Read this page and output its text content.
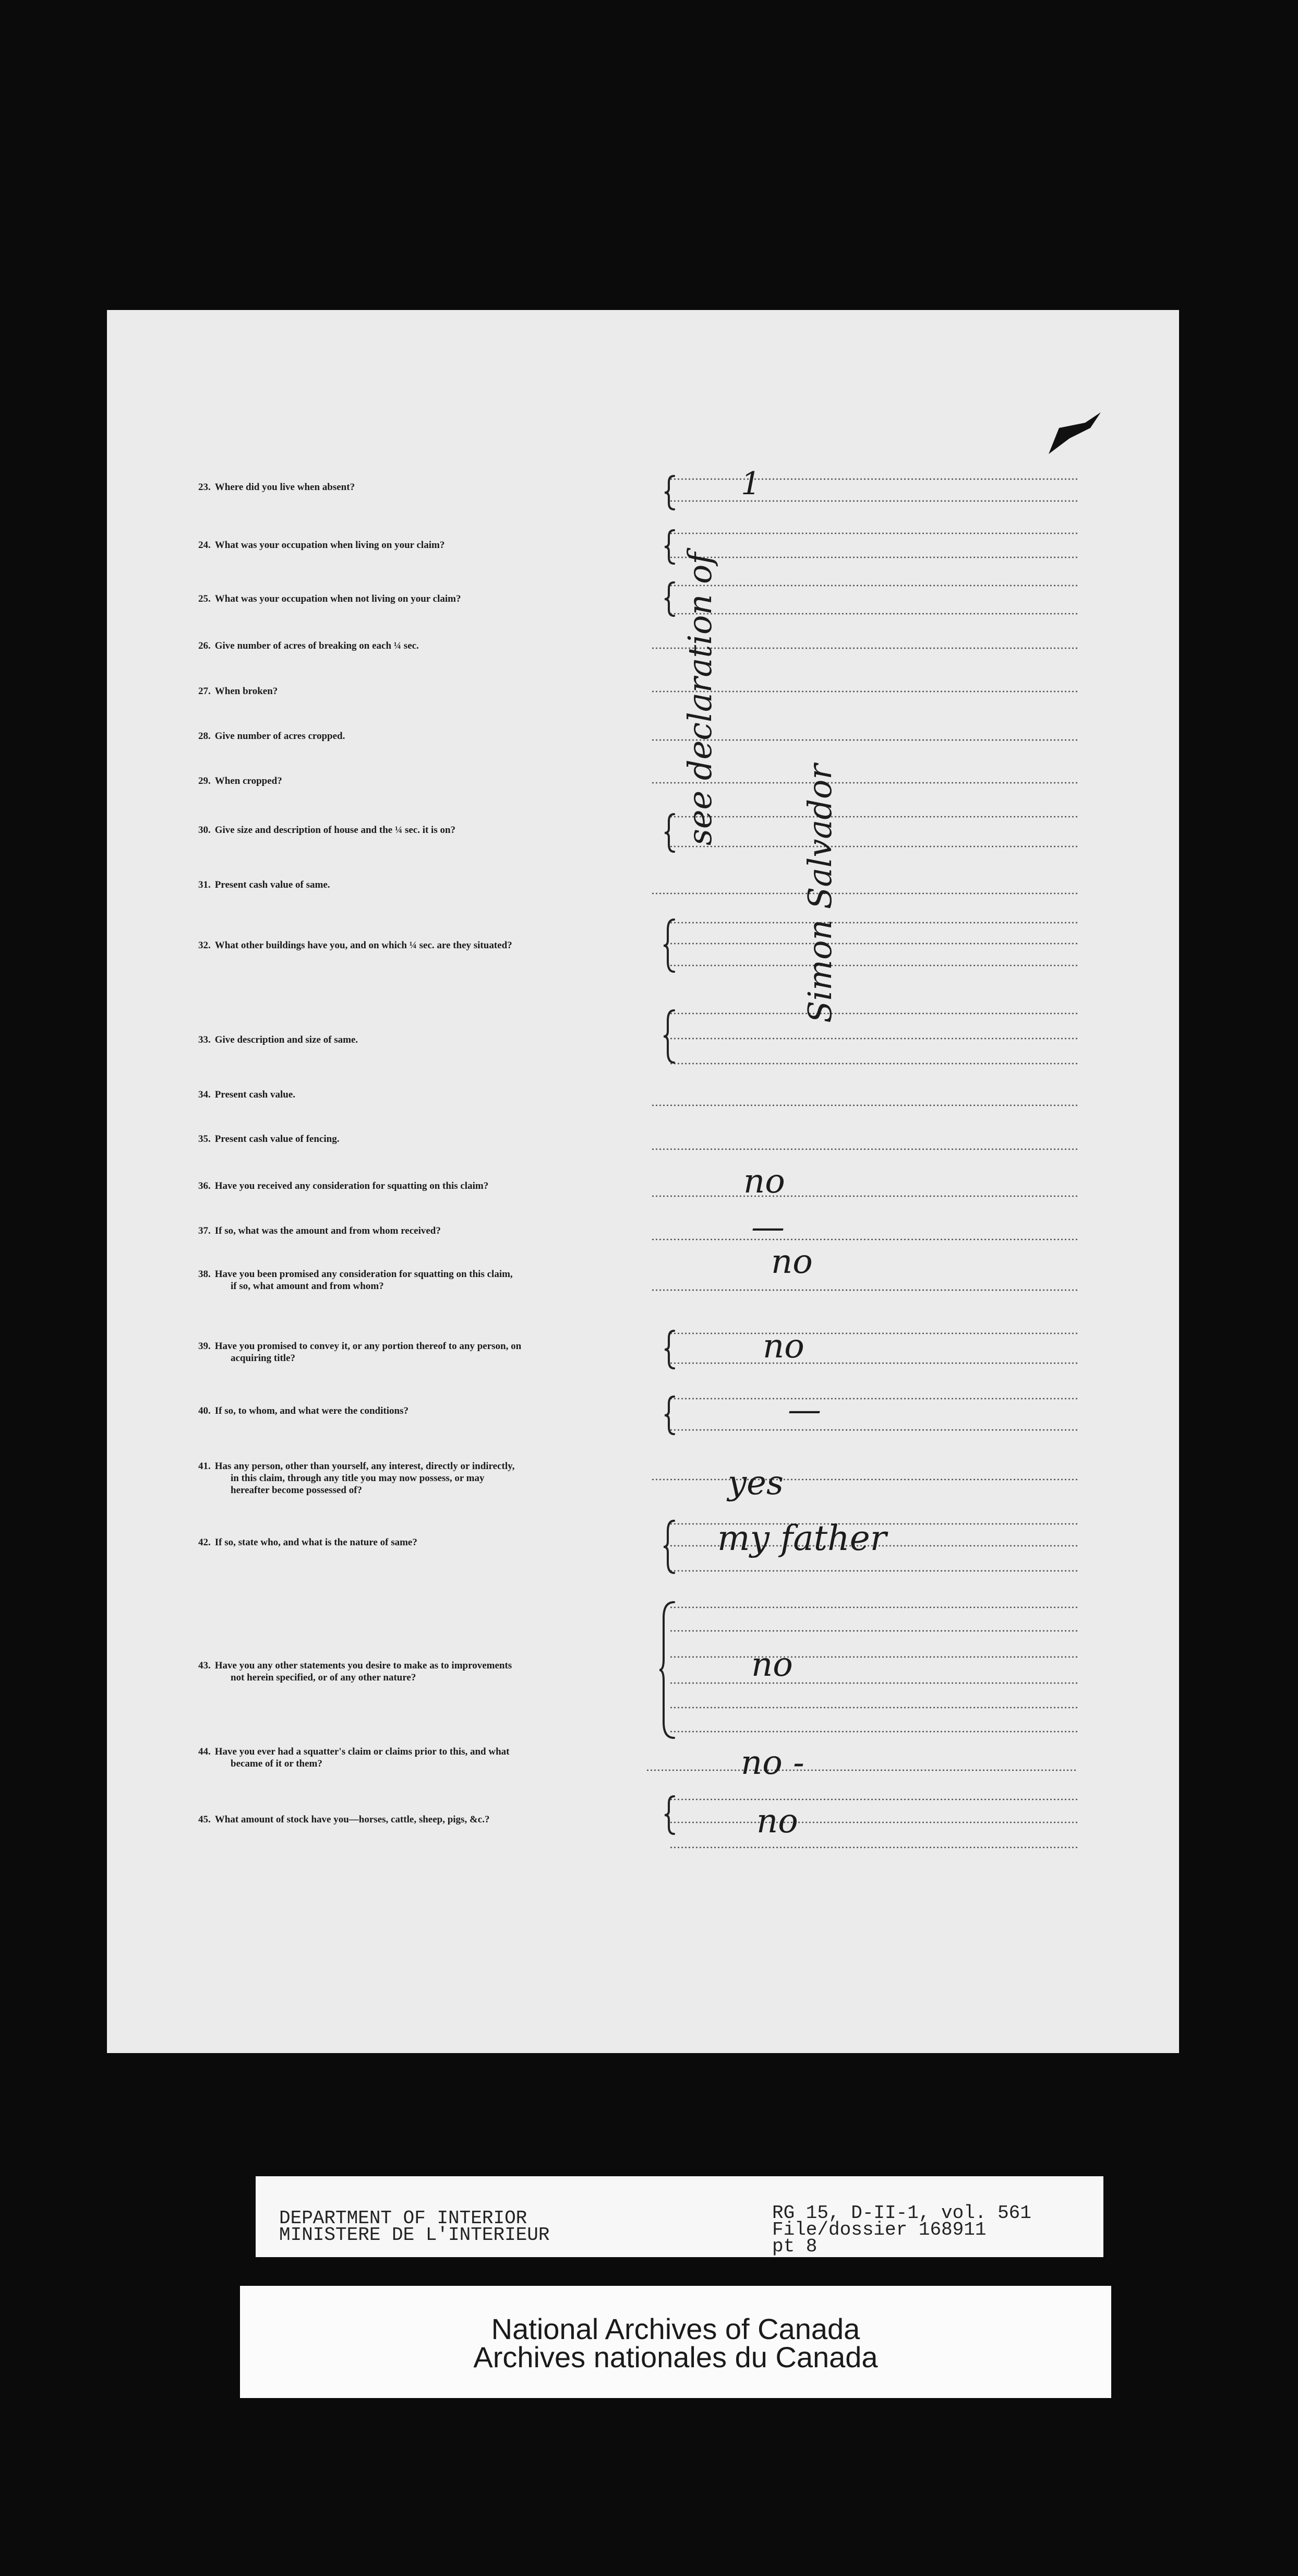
23. Where did you live when absent?
24. What was your occupation when living on your claim?
25. What was your occupation when not living on your claim?
26. Give number of acres of breaking on each ¼ sec.
27. When broken?
28. Give number of acres cropped.
29. When cropped?
30. Give size and description of house and the ¼ sec. it is on?
31. Present cash value of same.
32. What other buildings have you, and on which ¼ sec. are they situated?
33. Give description and size of same.
34. Present cash value.
35. Present cash value of fencing.
36. Have you received any consideration for squatting on this claim?
37. If so, what was the amount and from whom received?
38. Have you been promised any consideration for squatting on this claim,
if so, what amount and from whom?
39. Have you promised to convey it, or any portion thereof to any person, on
acquiring title?
40. If so, to whom, and what were the conditions?
41. Has any person, other than yourself, any interest, directly or indirectly,
in this claim, through any title you may now possess, or may
hereafter become possessed of?
42. If so, state who, and what is the nature of same?
43. Have you any other statements you desire to make as to improvements
not herein specified, or of any other nature?
44. Have you ever had a squatter's claim or claims prior to this, and what
became of it or them?
45. What amount of stock have you—horses, cattle, sheep, pigs, &c.?
1
see declaration of
Simon Salvador
no
—
no
no
—
yes
my father
no
no -
no
DEPARTMENT OF INTERIOR
MINISTERE DE L'INTERIEUR
RG 15, D-II-1, vol. 561
File/dossier 168911
pt 8
National Archives of Canada
Archives nationales du Canada
